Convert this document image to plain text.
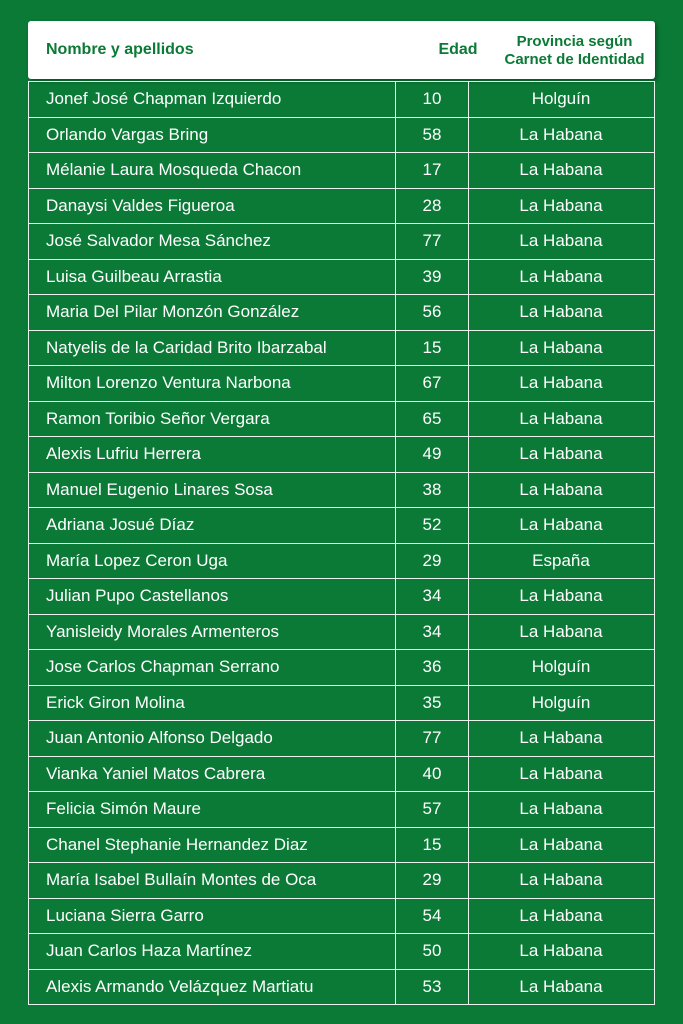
Nombre y apellidos	Edad	Provincia según
Carnet de Identidad
Jonef José Chapman Izquierdo	10	Holguín
Orlando Vargas Bring	58	La Habana
Mélanie Laura Mosqueda Chacon	17	La Habana
Danaysi Valdes Figueroa	28	La Habana
José Salvador Mesa Sánchez	77	La Habana
Luisa Guilbeau Arrastia	39	La Habana
Maria Del Pilar Monzón González	56	La Habana
Natyelis de la Caridad Brito Ibarzabal	15	La Habana
Milton Lorenzo Ventura Narbona	67	La Habana
Ramon Toribio Señor Vergara	65	La Habana
Alexis Lufriu Herrera	49	La Habana
Manuel Eugenio Linares Sosa	38	La Habana
Adriana Josué Díaz	52	La Habana
María Lopez Ceron Uga	29	España
Julian Pupo Castellanos	34	La Habana
Yanisleidy Morales Armenteros	34	La Habana
Jose Carlos Chapman Serrano	36	Holguín
Erick Giron Molina	35	Holguín
Juan Antonio Alfonso Delgado	77	La Habana
Vianka Yaniel Matos Cabrera	40	La Habana
Felicia Simón Maure	57	La Habana
Chanel Stephanie Hernandez Diaz	15	La Habana
María Isabel Bullaín Montes de Oca	29	La Habana
Luciana Sierra Garro	54	La Habana
Juan Carlos Haza Martínez	50	La Habana
Alexis Armando Velázquez Martiatu	53	La Habana
